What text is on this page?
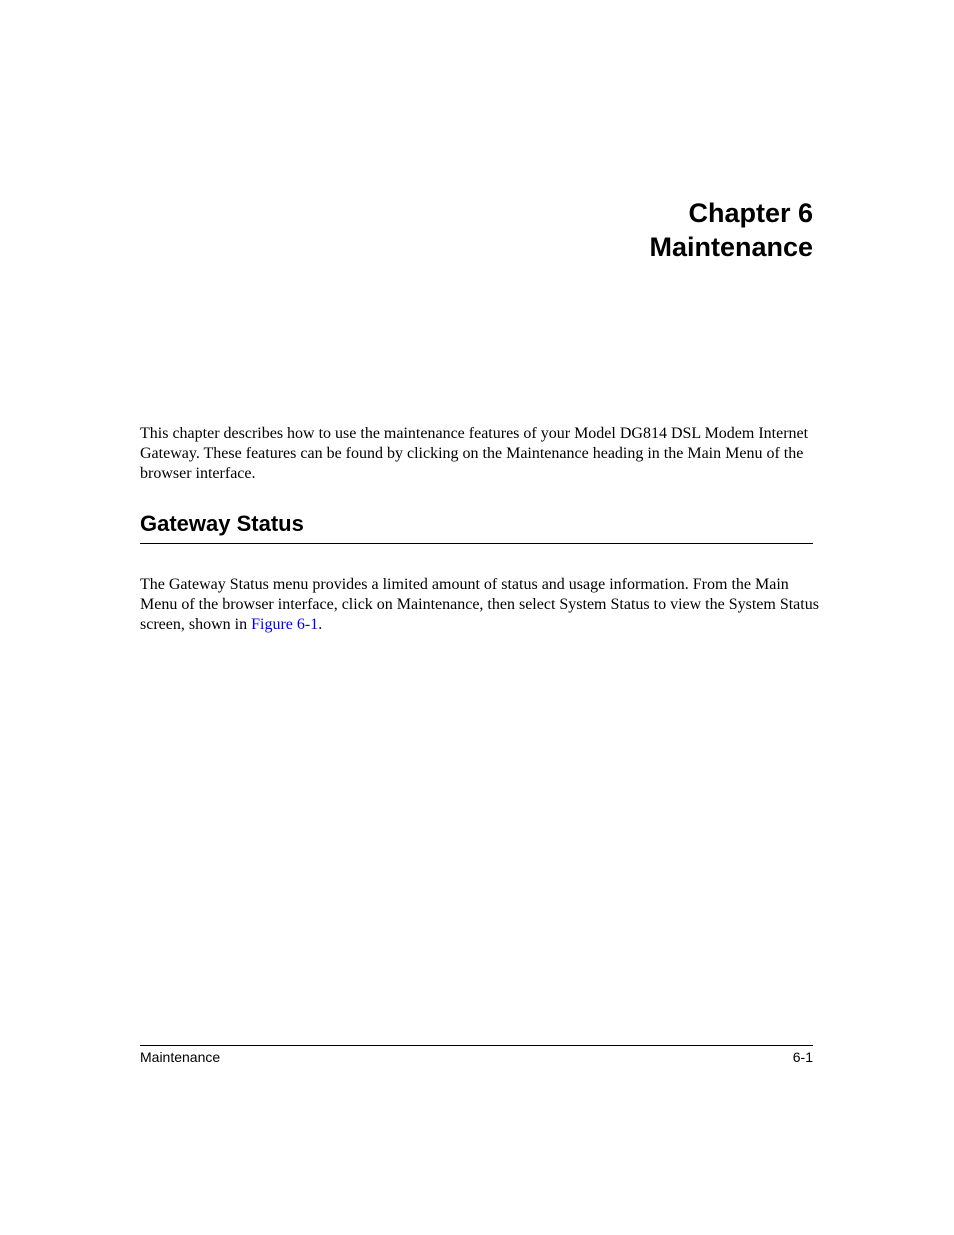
Chapter 6
Maintenance

This chapter describes how to use the maintenance features of your Model DG814 DSL Modem Internet Gateway. These features can be found by clicking on the Maintenance heading in the Main Menu of the browser interface.

Gateway Status

The Gateway Status menu provides a limited amount of status and usage information. From the Main Menu of the browser interface, click on Maintenance, then select System Status to view the System Status screen, shown in Figure 6-1.

Maintenance	6-1
